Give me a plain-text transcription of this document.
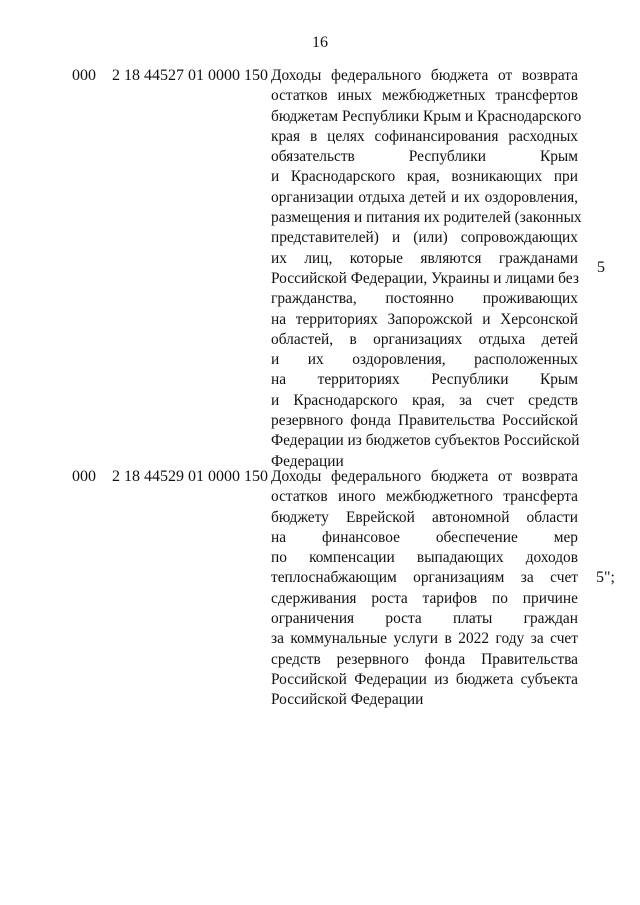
16
000 2 18 44527 01 0000 150 Доходы федерального бюджета от возврата
остатков иных межбюджетных трансфертов
бюджетам Республики Крым и Краснодарского
края в целях софинансирования расходных
обязательств Республики Крым
и Краснодарского края, возникающих при
организации отдыха детей и их оздоровления,
размещения и питания их родителей (законных
представителей) и (или) сопровождающих
их лиц, которые являются гражданами
Российской Федерации, Украины и лицами без
гражданства, постоянно проживающих
на территориях Запорожской и Херсонской
областей, в организациях отдыха детей
и их оздоровления, расположенных
на территориях Республики Крым
и Краснодарского края, за счет средств
резервного фонда Правительства Российской
Федерации из бюджетов субъектов Российской
Федерации
5
000 2 18 44529 01 0000 150 Доходы федерального бюджета от возврата
остатков иного межбюджетного трансферта
бюджету Еврейской автономной области
на финансовое обеспечение мер
по компенсации выпадающих доходов
теплоснабжающим организациям за счет
сдерживания роста тарифов по причине
ограничения роста платы граждан
за коммунальные услуги в 2022 году за счет
средств резервного фонда Правительства
Российской Федерации из бюджета субъекта
Российской Федерации
5";
